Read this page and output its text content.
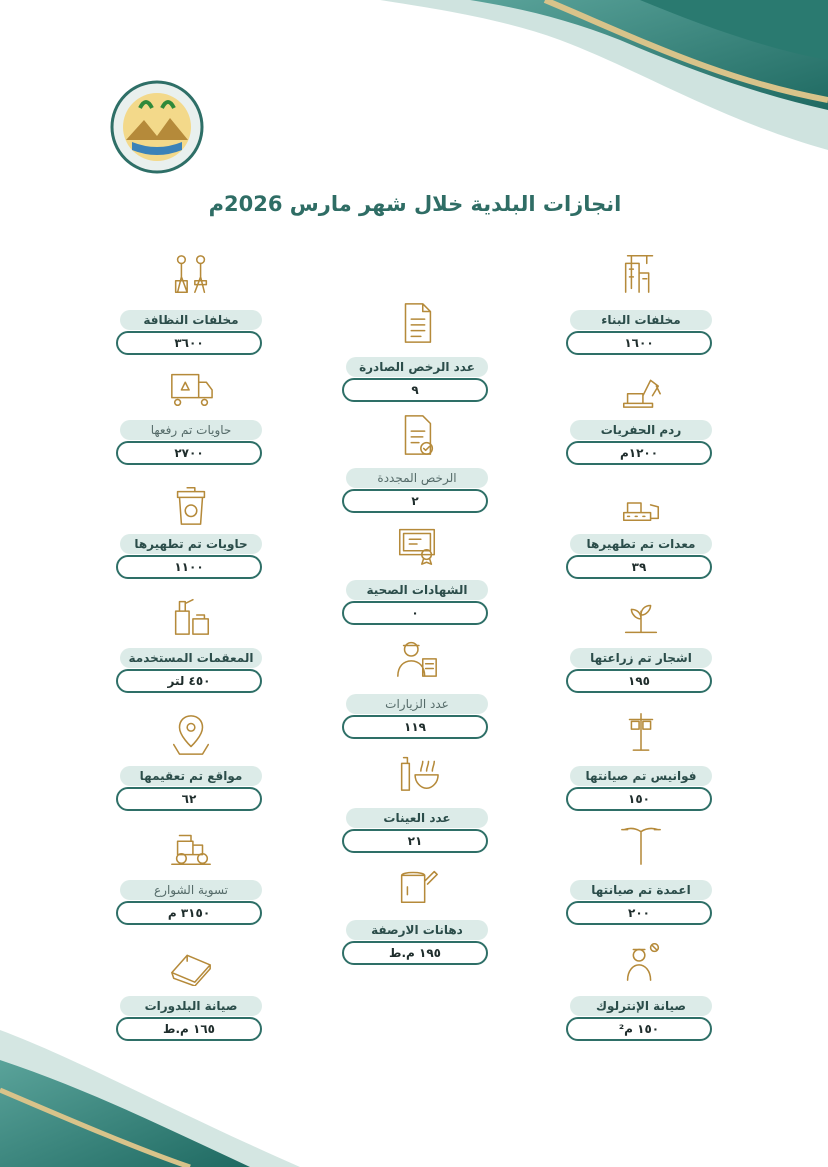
انجازات البلدية خلال شهر مارس 2026م
مخلفات البناء
١٦٠٠
ردم الحفريات
١٢٠٠م
معدات تم تطهيرها
٣٩
اشجار تم زراعتها
١٩٥
فوانيس تم صيانتها
١٥٠
اعمدة تم صيانتها
٢٠٠
صيانة الإنترلوك
١٥٠ م²
عدد الرخص الصادرة
٩
الرخص المجددة
٢
الشهادات الصحية
٠
عدد الزيارات
١١٩
عدد العينات
٢١
دهانات الارصفة
١٩٥ م.ط
مخلفات النظافة
٣٦٠٠
حاويات تم رفعها
٢٧٠٠
حاويات تم تطهيرها
١١٠٠
المعقمات المستخدمة
٤٥٠ لتر
مواقع تم تعقيمها
٦٢
تسوية الشوارع
٣١٥٠ م
صيانة البلدورات
١٦٥ م.ط
